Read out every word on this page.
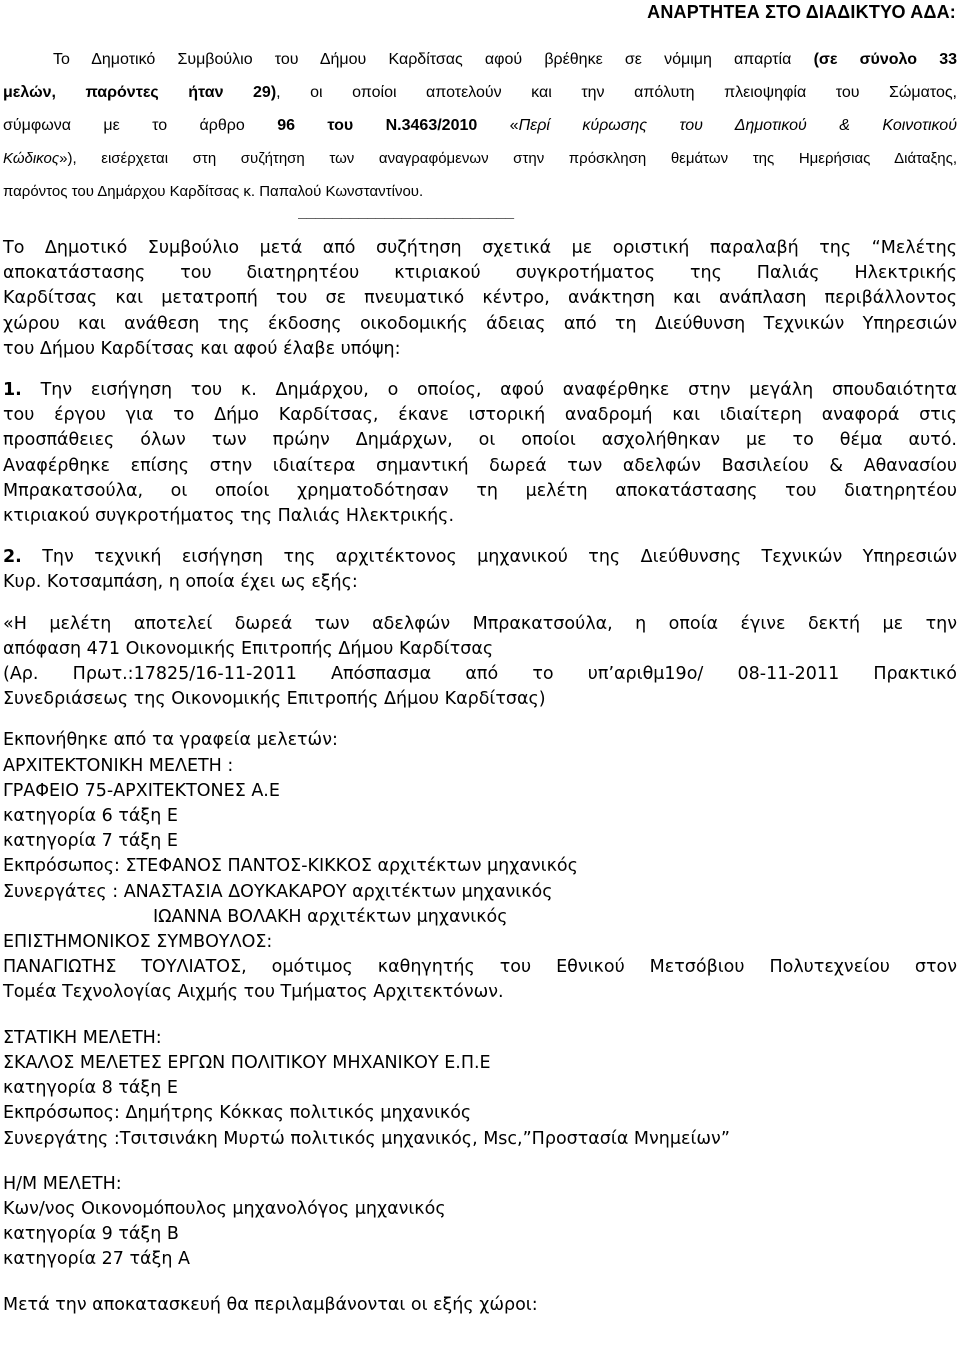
ΑΝΑΡΤΗΤΕΑ ΣΤΟ ΔΙΑΔΙΚΤΥΟ ΑΔΑ:

Το Δημοτικό Συμβούλιο του Δήμου Καρδίτσας αφού βρέθηκε σε νόμιμη απαρτία (σε σύνολο 33

μελών, παρόντες ήταν 29), οι οποίοι αποτελούν και την απόλυτη πλειοψηφία του Σώματος,

σύμφωνα με το άρθρο 96 του Ν.3463/2010 «Περί κύρωσης του Δημοτικού & Κοινοτικού

Κώδικος»), εισέρχεται στη συζήτηση των αναγραφόμενων στην πρόσκληση θεμάτων της Ημερήσιας Διάταξης,

παρόντος του Δημάρχου Καρδίτσας κ. Παπαλού Κωνσταντίνου.

_________________________

Το Δημοτικό Συμβούλιο μετά από συζήτηση σχετικά με οριστική παραλαβή της “Μελέτης

αποκατάστασης του διατηρητέου κτιριακού συγκροτήματος της Παλιάς Ηλεκτρικής

Καρδίτσας και μετατροπή του σε πνευματικό κέντρο, ανάκτηση και ανάπλαση περιβάλλοντος

χώρου και ανάθεση της έκδοσης οικοδομικής άδειας από τη Διεύθυνση Τεχνικών Υπηρεσιών

του Δήμου Καρδίτσας και αφού έλαβε υπόψη:

1. Την εισήγηση του κ. Δημάρχου, ο οποίος, αφού αναφέρθηκε στην μεγάλη σπουδαιότητα

του έργου για το Δήμο Καρδίτσας, έκανε ιστορική αναδρομή και ιδιαίτερη αναφορά στις

προσπάθειες όλων των πρώην Δημάρχων, οι οποίοι ασχολήθηκαν με το θέμα αυτό.

Αναφέρθηκε επίσης στην ιδιαίτερα σημαντική δωρεά των αδελφών Βασιλείου & Αθανασίου

Μπρακατσούλα, οι οποίοι χρηματοδότησαν τη μελέτη αποκατάστασης του διατηρητέου

κτιριακού συγκροτήματος της Παλιάς Ηλεκτρικής.

2. Την τεχνική εισήγηση της αρχιτέκτονος μηχανικού της Διεύθυνσης Τεχνικών Υπηρεσιών

Κυρ. Κοτσαμπάση, η οποία έχει ως εξής:

«Η μελέτη αποτελεί δωρεά των αδελφών Μπρακατσούλα, η οποία έγινε δεκτή με την

απόφαση 471 Οικονομικής Επιτροπής Δήμου Καρδίτσας

(Αρ. Πρωτ.:17825/16-11-2011 Απόσπασμα από το υπ’αριθμ19ο/ 08-11-2011 Πρακτικό

Συνεδριάσεως της Οικονομικής Επιτροπής Δήμου Καρδίτσας)

Εκπονήθηκε από τα γραφεία μελετών:

ΑΡΧΙΤΕΚΤΟΝΙΚΗ ΜΕΛΕΤΗ :

ΓΡΑΦΕΙΟ 75-ΑΡΧΙΤΕΚΤΟΝΕΣ Α.Ε

κατηγορία 6 τάξη Ε

κατηγορία 7 τάξη Ε

Εκπρόσωπος: ΣΤΕΦΑΝΟΣ ΠΑΝΤΟΣ-ΚΙΚΚΟΣ αρχιτέκτων μηχανικός

Συνεργάτες : ΑΝΑΣΤΑΣΙΑ ΔΟΥΚΑΚΑΡΟΥ αρχιτέκτων μηχανικός

ΙΩΑΝΝΑ ΒΟΛΑΚΗ αρχιτέκτων μηχανικός

ΕΠΙΣΤΗΜΟΝΙΚΟΣ ΣΥΜΒΟΥΛΟΣ:

ΠΑΝΑΓΙΩΤΗΣ ΤΟΥΛΙΑΤΟΣ, ομότιμος καθηγητής του Εθνικού Μετσόβιου Πολυτεχνείου στον

Τομέα Τεχνολογίας Αιχμής του Τμήματος Αρχιτεκτόνων.

ΣΤΑΤΙΚΗ ΜΕΛΕΤΗ:

ΣΚΑΛΟΣ ΜΕΛΕΤΕΣ ΕΡΓΩΝ ΠΟΛΙΤΙΚΟΥ ΜΗΧΑΝΙΚΟΥ Ε.Π.Ε

κατηγορία 8 τάξη Ε

Εκπρόσωπος: Δημήτρης Κόκκας πολιτικός μηχανικός

Συνεργάτης :Τσιτσινάκη Μυρτώ πολιτικός μηχανικός, Msc,”Προστασία Μνημείων”

Η/Μ ΜΕΛΕΤΗ:

Κων/νος Οικονομόπουλος μηχανολόγος μηχανικός

κατηγορία 9 τάξη Β

κατηγορία 27 τάξη Α

Μετά την αποκατασκευή θα περιλαμβάνονται οι εξής χώροι:
